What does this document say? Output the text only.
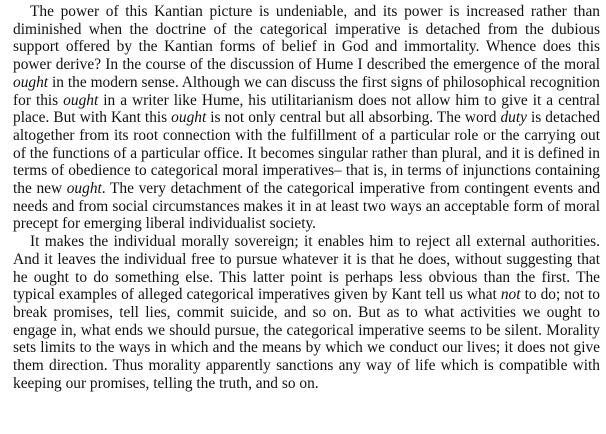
The power of this Kantian picture is undeniable, and its power is increased rather than diminished when the doctrine of the categorical imperative is detached from the dubious support offered by the Kantian forms of belief in God and immortality. Whence does this power derive? In the course of the discussion of Hume I described the emergence of the moral ought in the modern sense. Although we can discuss the first signs of philosophical recognition for this ought in a writer like Hume, his utilitarianism does not allow him to give it a central place. But with Kant this ought is not only central but all absorbing. The word duty is detached altogether from its root connection with the fulfillment of a particular role or the carrying out of the functions of a particular office. It becomes singular rather than plural, and it is defined in terms of obedience to categorical moral imperatives– that is, in terms of injunctions containing the new ought. The very detachment of the categorical imperative from contingent events and needs and from social circumstances makes it in at least two ways an acceptable form of moral precept for emerging liberal individualist society.

It makes the individual morally sovereign; it enables him to reject all external authorities. And it leaves the individual free to pursue whatever it is that he does, without suggesting that he ought to do something else. This latter point is perhaps less obvious than the first. The typical examples of alleged categorical imperatives given by Kant tell us what not to do; not to break promises, tell lies, commit suicide, and so on. But as to what activities we ought to engage in, what ends we should pursue, the categorical imperative seems to be silent. Morality sets limits to the ways in which and the means by which we conduct our lives; it does not give them direction. Thus morality apparently sanctions any way of life which is compatible with keeping our promises, telling the truth, and so on.
